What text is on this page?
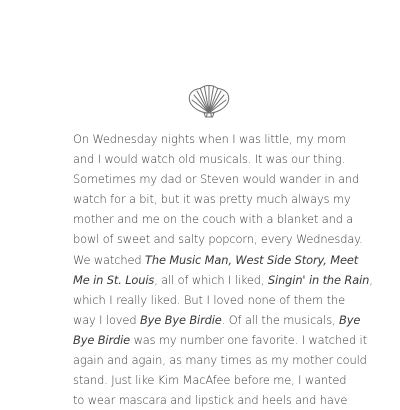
On Wednesday nights when I was little, my mom
and I would watch old musicals. It was our thing.
Sometimes my dad or Steven would wander in and
watch for a bit, but it was pretty much always my
mother and me on the couch with a blanket and a
bowl of sweet and salty popcorn, every Wednesday.
We watched The Music Man, West Side Story, Meet
Me in St. Louis, all of which I liked, Singin' in the Rain,
which I really liked. But I loved none of them the
way I loved Bye Bye Birdie. Of all the musicals, Bye
Bye Birdie was my number one favorite. I watched it
again and again, as many times as my mother could
stand. Just like Kim MacAfee before me, I wanted
to wear mascara and lipstick and heels and have
